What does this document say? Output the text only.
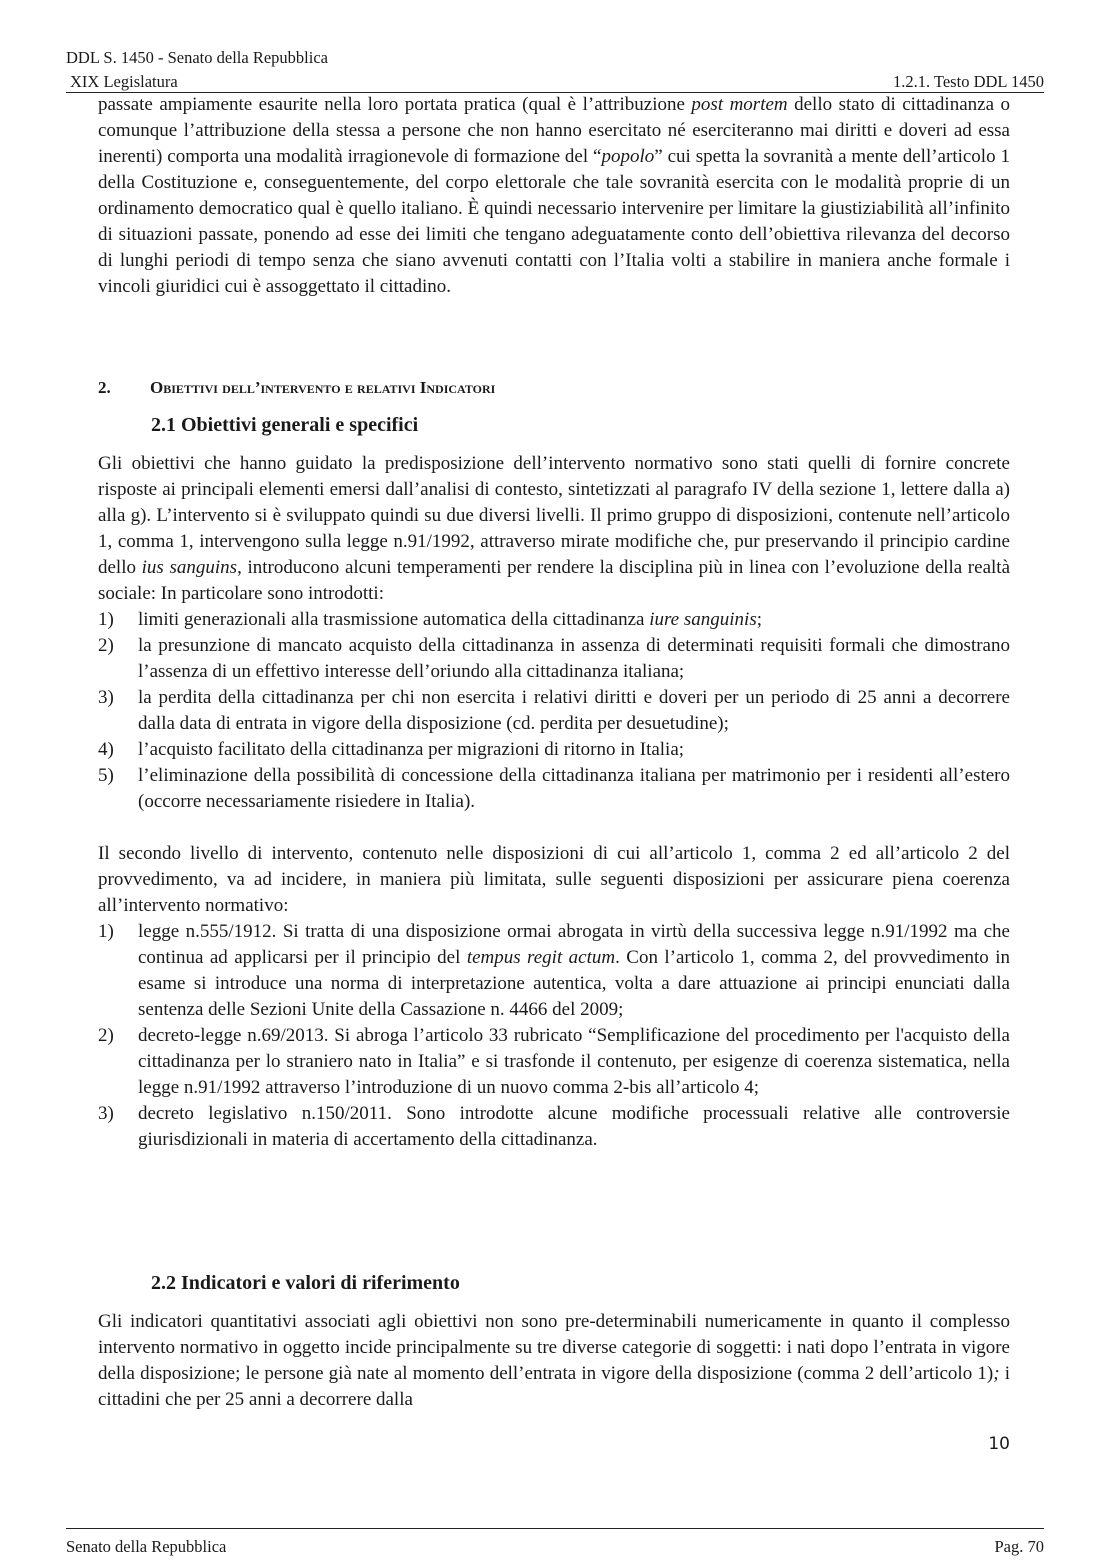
DDL S. 1450 - Senato della Repubblica
XIX Legislatura	1.2.1. Testo DDL 1450

passate ampiamente esaurite nella loro portata pratica (qual è l’attribuzione post mortem dello stato di cittadinanza o comunque l’attribuzione della stessa a persone che non hanno esercitato né eserciteranno mai diritti e doveri ad essa inerenti) comporta una modalità irragionevole di formazione del “popolo” cui spetta la sovranità a mente dell’articolo 1 della Costituzione e, conseguentemente, del corpo elettorale che tale sovranità esercita con le modalità proprie di un ordinamento democratico qual è quello italiano. È quindi necessario intervenire per limitare la giustiziabilità all’infinito di situazioni passate, ponendo ad esse dei limiti che tengano adeguatamente conto dell’obiettiva rilevanza del decorso di lunghi periodi di tempo senza che siano avvenuti contatti con l’Italia volti a stabilire in maniera anche formale i vincoli giuridici cui è assoggettato il cittadino.

2. Obiettivi dell’intervento e relativi Indicatori
2.1 Obiettivi generali e specifici

Gli obiettivi che hanno guidato la predisposizione dell’intervento normativo sono stati quelli di fornire concrete risposte ai principali elementi emersi dall’analisi di contesto, sintetizzati al paragrafo IV della sezione 1, lettere dalla a) alla g). L’intervento si è sviluppato quindi su due diversi livelli. Il primo gruppo di disposizioni, contenute nell’articolo 1, comma 1, intervengono sulla legge n.91/1992, attraverso mirate modifiche che, pur preservando il principio cardine dello ius sanguins, introducono alcuni temperamenti per rendere la disciplina più in linea con l’evoluzione della realtà sociale: In particolare sono introdotti:

1) limiti generazionali alla trasmissione automatica della cittadinanza iure sanguinis;
2) la presunzione di mancato acquisto della cittadinanza in assenza di determinati requisiti formali che dimostrano l’assenza di un effettivo interesse dell’oriundo alla cittadinanza italiana;
3) la perdita della cittadinanza per chi non esercita i relativi diritti e doveri per un periodo di 25 anni a decorrere dalla data di entrata in vigore della disposizione (cd. perdita per desuetudine);
4) l’acquisto facilitato della cittadinanza per migrazioni di ritorno in Italia;
5) l’eliminazione della possibilità di concessione della cittadinanza italiana per matrimonio per i residenti all’estero (occorre necessariamente risiedere in Italia).

Il secondo livello di intervento, contenuto nelle disposizioni di cui all’articolo 1, comma 2 ed all’articolo 2 del provvedimento, va ad incidere, in maniera più limitata, sulle seguenti disposizioni per assicurare piena coerenza all’intervento normativo:

1) legge n.555/1912. Si tratta di una disposizione ormai abrogata in virtù della successiva legge n.91/1992 ma che continua ad applicarsi per il principio del tempus regit actum. Con l’articolo 1, comma 2, del provvedimento in esame si introduce una norma di interpretazione autentica, volta a dare attuazione ai principi enunciati dalla sentenza delle Sezioni Unite della Cassazione n. 4466 del 2009;
2) decreto-legge n.69/2013. Si abroga l’articolo 33 rubricato “Semplificazione del procedimento per l'acquisto della cittadinanza per lo straniero nato in Italia” e si trasfonde il contenuto, per esigenze di coerenza sistematica, nella legge n.91/1992 attraverso l’introduzione di un nuovo comma 2-bis all’articolo 4;
3) decreto legislativo n.150/2011. Sono introdotte alcune modifiche processuali relative alle controversie giurisdizionali in materia di accertamento della cittadinanza.
2.2 Indicatori e valori di riferimento

Gli indicatori quantitativi associati agli obiettivi non sono pre-determinabili numericamente in quanto il complesso intervento normativo in oggetto incide principalmente su tre diverse categorie di soggetti: i nati dopo l’entrata in vigore della disposizione; le persone già nate al momento dell’entrata in vigore della disposizione (comma 2 dell’articolo 1); i cittadini che per 25 anni a decorrere dalla

10
Senato della Repubblica	Pag. 70
